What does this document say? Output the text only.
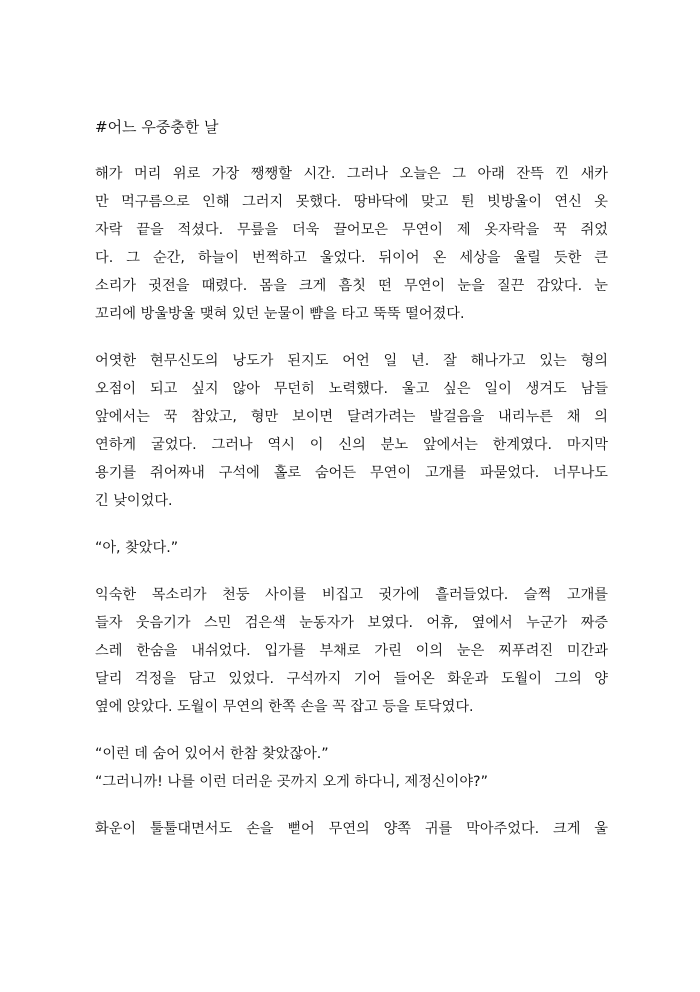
#어느 우중충한 날
해가 머리 위로 가장 쨍쨍할 시간. 그러나 오늘은 그 아래 잔뜩 낀 새카
만 먹구름으로 인해 그러지 못했다. 땅바닥에 맞고 튄 빗방울이 연신 옷
자락 끝을 적셨다. 무릎을 더욱 끌어모은 무연이 제 옷자락을 꾹 쥐었
다. 그 순간, 하늘이 번쩍하고 울었다. 뒤이어 온 세상을 울릴 듯한 큰
소리가 귓전을 때렸다. 몸을 크게 흠칫 떤 무연이 눈을 질끈 감았다. 눈
꼬리에 방울방울 맺혀 있던 눈물이 뺨을 타고 뚝뚝 떨어졌다.
어엿한 현무신도의 낭도가 된지도 어언 일 년. 잘 해나가고 있는 형의
오점이 되고 싶지 않아 무던히 노력했다. 울고 싶은 일이 생겨도 남들
앞에서는 꾹 참았고, 형만 보이면 달려가려는 발걸음을 내리누른 채 의
연하게 굴었다. 그러나 역시 이 신의 분노 앞에서는 한계였다. 마지막
용기를 쥐어짜내 구석에 홀로 숨어든 무연이 고개를 파묻었다. 너무나도
긴 낮이었다.
“아, 찾았다.”
익숙한 목소리가 천둥 사이를 비집고 귓가에 흘러들었다. 슬쩍 고개를
들자 웃음기가 스민 검은색 눈동자가 보였다. 어휴, 옆에서 누군가 짜증
스레 한숨을 내쉬었다. 입가를 부채로 가린 이의 눈은 찌푸려진 미간과
달리 걱정을 담고 있었다. 구석까지 기어 들어온 화운과 도월이 그의 양
옆에 앉았다. 도월이 무연의 한쪽 손을 꼭 잡고 등을 토닥였다.
“이런 데 숨어 있어서 한참 찾았잖아.”
“그러니까! 나를 이런 더러운 곳까지 오게 하다니, 제정신이야?”
화운이 툴툴대면서도 손을 뻗어 무연의 양쪽 귀를 막아주었다. 크게 울
